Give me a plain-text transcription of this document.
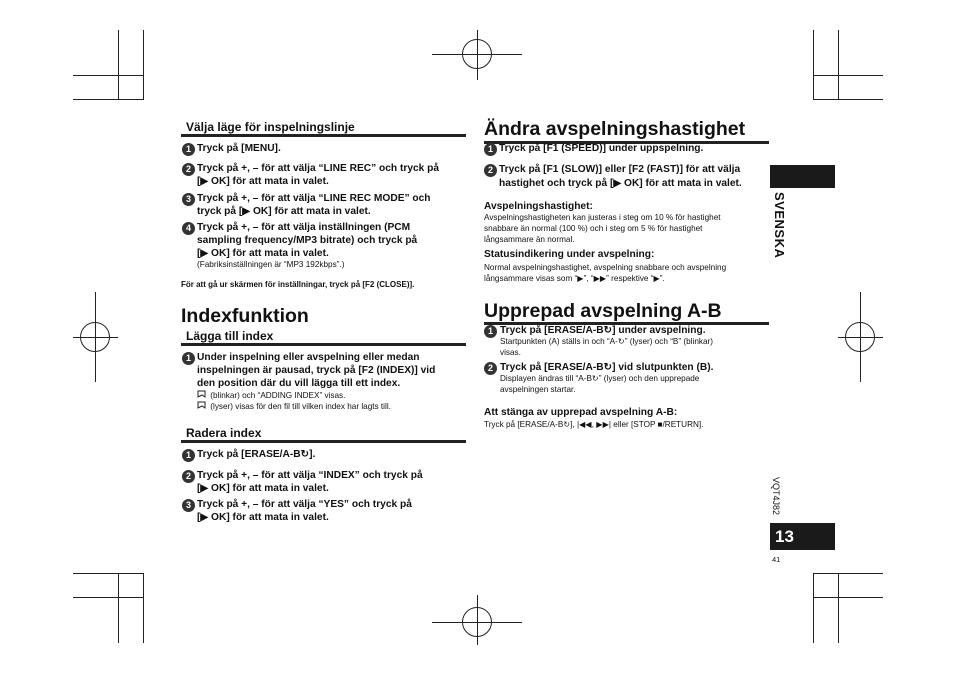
Välja läge för inspelningslinje
1 Tryck på [MENU].
2 Tryck på +, – för att välja “LINE REC” och tryck på
[▶ OK] för att mata in valet.
3 Tryck på +, – för att välja “LINE REC MODE” och
tryck på [▶ OK] för att mata in valet.
4 Tryck på +, – för att välja inställningen (PCM
sampling frequency/MP3 bitrate) och tryck på
[▶ OK] för att mata in valet.
(Fabriksinställningen är “MP3 192kbps”.)
För att gå ur skärmen för inställningar, tryck på [F2 (CLOSE)].
Indexfunktion
Lägga till index
1 Under inspelning eller avspelning eller medan
inspelningen är pausad, tryck på [F2 (INDEX)] vid
den position där du vill lägga till ett index.
(blinkar) och “ADDING INDEX” visas.
(lyser) visas för den fil till vilken index har lagts till.
Radera index
1 Tryck på [ERASE/A-B↻].
2 Tryck på +, – för att välja “INDEX” och tryck på
[▶ OK] för att mata in valet.
3 Tryck på +, – för att välja “YES” och tryck på
[▶ OK] för att mata in valet.
Ändra avspelningshastighet
1 Tryck på [F1 (SPEED)] under uppspelning.
2 Tryck på [F1 (SLOW)] eller [F2 (FAST)] för att välja
hastighet och tryck på [▶ OK] för att mata in valet.
Avspelningshastighet:
Avspelningshastigheten kan justeras i steg om 10 % för hastighet
snabbare än normal (100 %) och i steg om 5 % för hastighet
långsammare än normal.
Statusindikering under avspelning:
Normal avspelningshastighet, avspelning snabbare och avspelning
långsammare visas som “▶”, “▶▶” respektive “▶”.
Upprepad avspelning A-B
1 Tryck på [ERASE/A-B↻] under avspelning.
Startpunkten (A) ställs in och “A-↻” (lyser) och “B” (blinkar)
visas.
2 Tryck på [ERASE/A-B↻] vid slutpunkten (B).
Displayen ändras till “A-B↻” (lyser) och den upprepade
avspelningen startar.
Att stänga av upprepad avspelning A-B:
Tryck på [ERASE/A-B↻], |◀◀, ▶▶| eller [STOP ■/RETURN].
SVENSKA
VQT4J82
13
41
